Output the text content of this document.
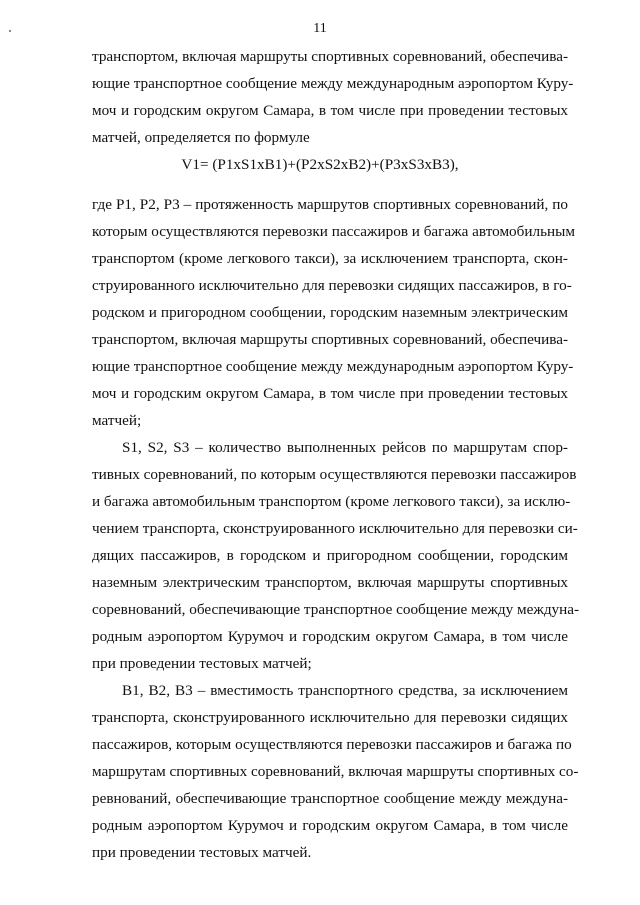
11
транспортом, включая маршруты спортивных соревнований, обеспечива-
ющие транспортное сообщение между международным аэропортом Куру-
моч и городским округом Самара, в том числе при проведении тестовых
матчей, определяется по формуле
V1= (P1xS1xB1)+(P2xS2xB2)+(P3xS3xB3),
где P1, P2, P3 – протяженность маршрутов спортивных соревнований, по
которым осуществляются перевозки пассажиров и багажа автомобильным
транспортом (кроме легкового такси), за исключением транспорта, скон-
струированного исключительно для перевозки сидящих пассажиров, в го-
родском и пригородном сообщении, городским наземным электрическим
транспортом, включая маршруты спортивных соревнований, обеспечива-
ющие транспортное сообщение между международным аэропортом Куру-
моч и городским округом Самара, в том числе при проведении тестовых
матчей;
S1, S2, S3 – количество выполненных рейсов по маршрутам спор-
тивных соревнований, по которым осуществляются перевозки пассажиров
и багажа автомобильным транспортом (кроме легкового такси), за исклю-
чением транспорта, сконструированного исключительно для перевозки си-
дящих пассажиров, в городском и пригородном сообщении, городским
наземным электрическим транспортом, включая маршруты спортивных
соревнований, обеспечивающие транспортное сообщение между междуна-
родным аэропортом Курумоч и городским округом Самара, в том числе
при проведении тестовых матчей;
B1, B2, B3 – вместимость транспортного средства, за исключением
транспорта, сконструированного исключительно для перевозки сидящих
пассажиров, которым осуществляются перевозки пассажиров и багажа по
маршрутам спортивных соревнований, включая маршруты спортивных со-
ревнований, обеспечивающие транспортное сообщение между междуна-
родным аэропортом Курумоч и городским округом Самара, в том числе
при проведении тестовых матчей.
